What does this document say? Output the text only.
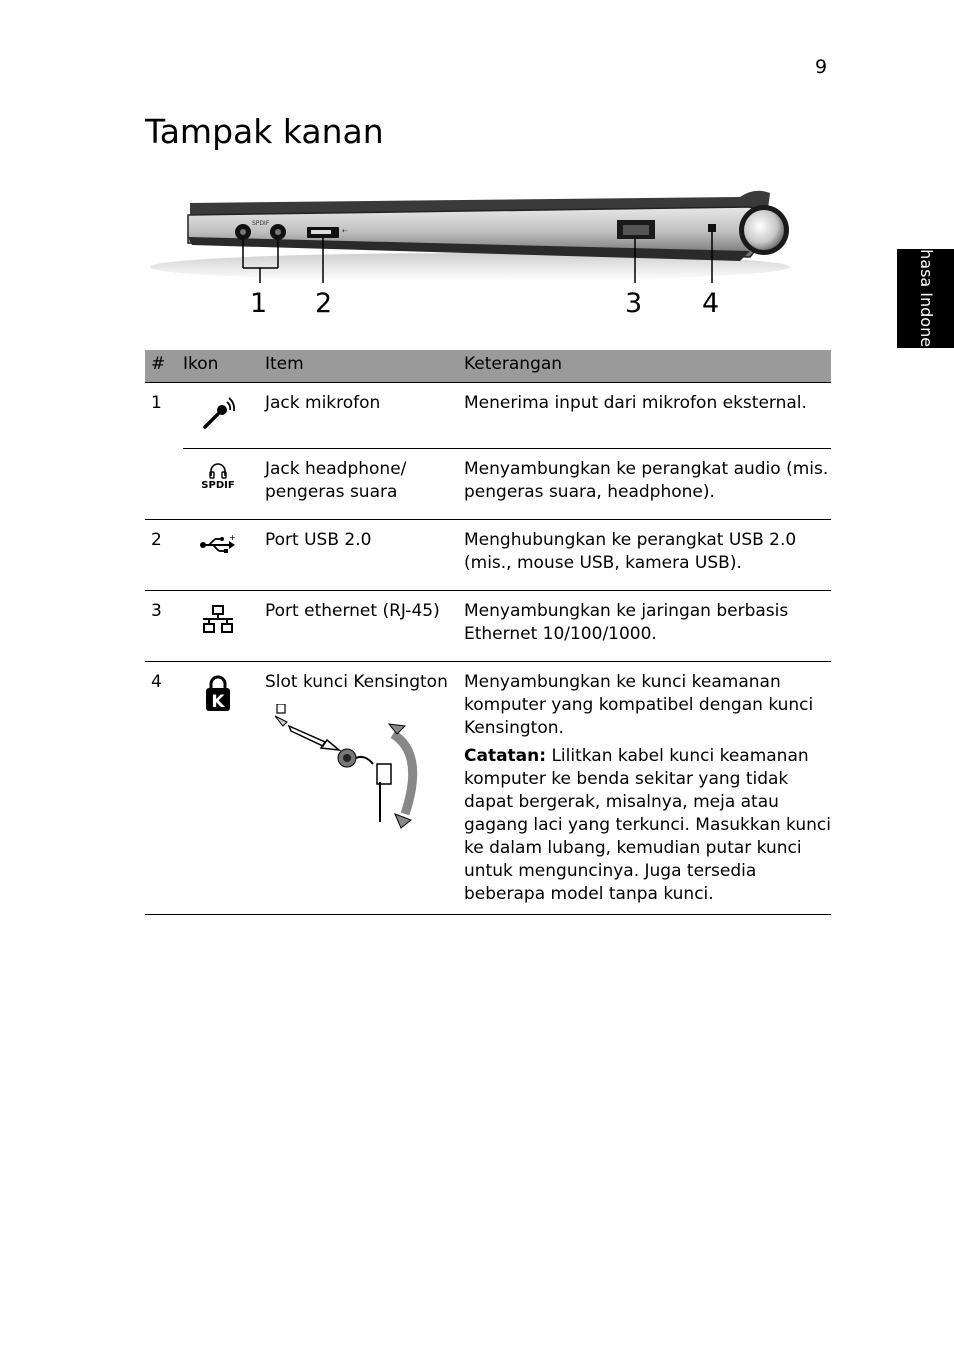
9
Tampak kanan
Bahasa Indonesia
SPDIF
⇠
1 2	3 4
#	Ikon	Item	Keterangan
1		Jack mikrofon	Menerima input dari mikrofon eksternal.

	SPDIF	Jack headphone/ pengeras suara	Menyambungkan ke perangkat audio (mis. pengeras suara, headphone).
2	+	Port USB 2.0	Menghubungkan ke perangkat USB 2.0 (mis., mouse USB, kamera USB).
3		Port ethernet (RJ-45)	Menyambungkan ke jaringan berbasis Ethernet 10/100/1000.
4	K	Slot kunci Kensington	Menyambungkan ke kunci keamanan komputer yang kompatibel dengan kunci Kensington.
Catatan: Lilitkan kabel kunci keamanan komputer ke benda sekitar yang tidak dapat bergerak, misalnya, meja atau gagang laci yang terkunci. Masukkan kunci ke dalam lubang, kemudian putar kunci untuk menguncinya. Juga tersedia beberapa model tanpa kunci.
